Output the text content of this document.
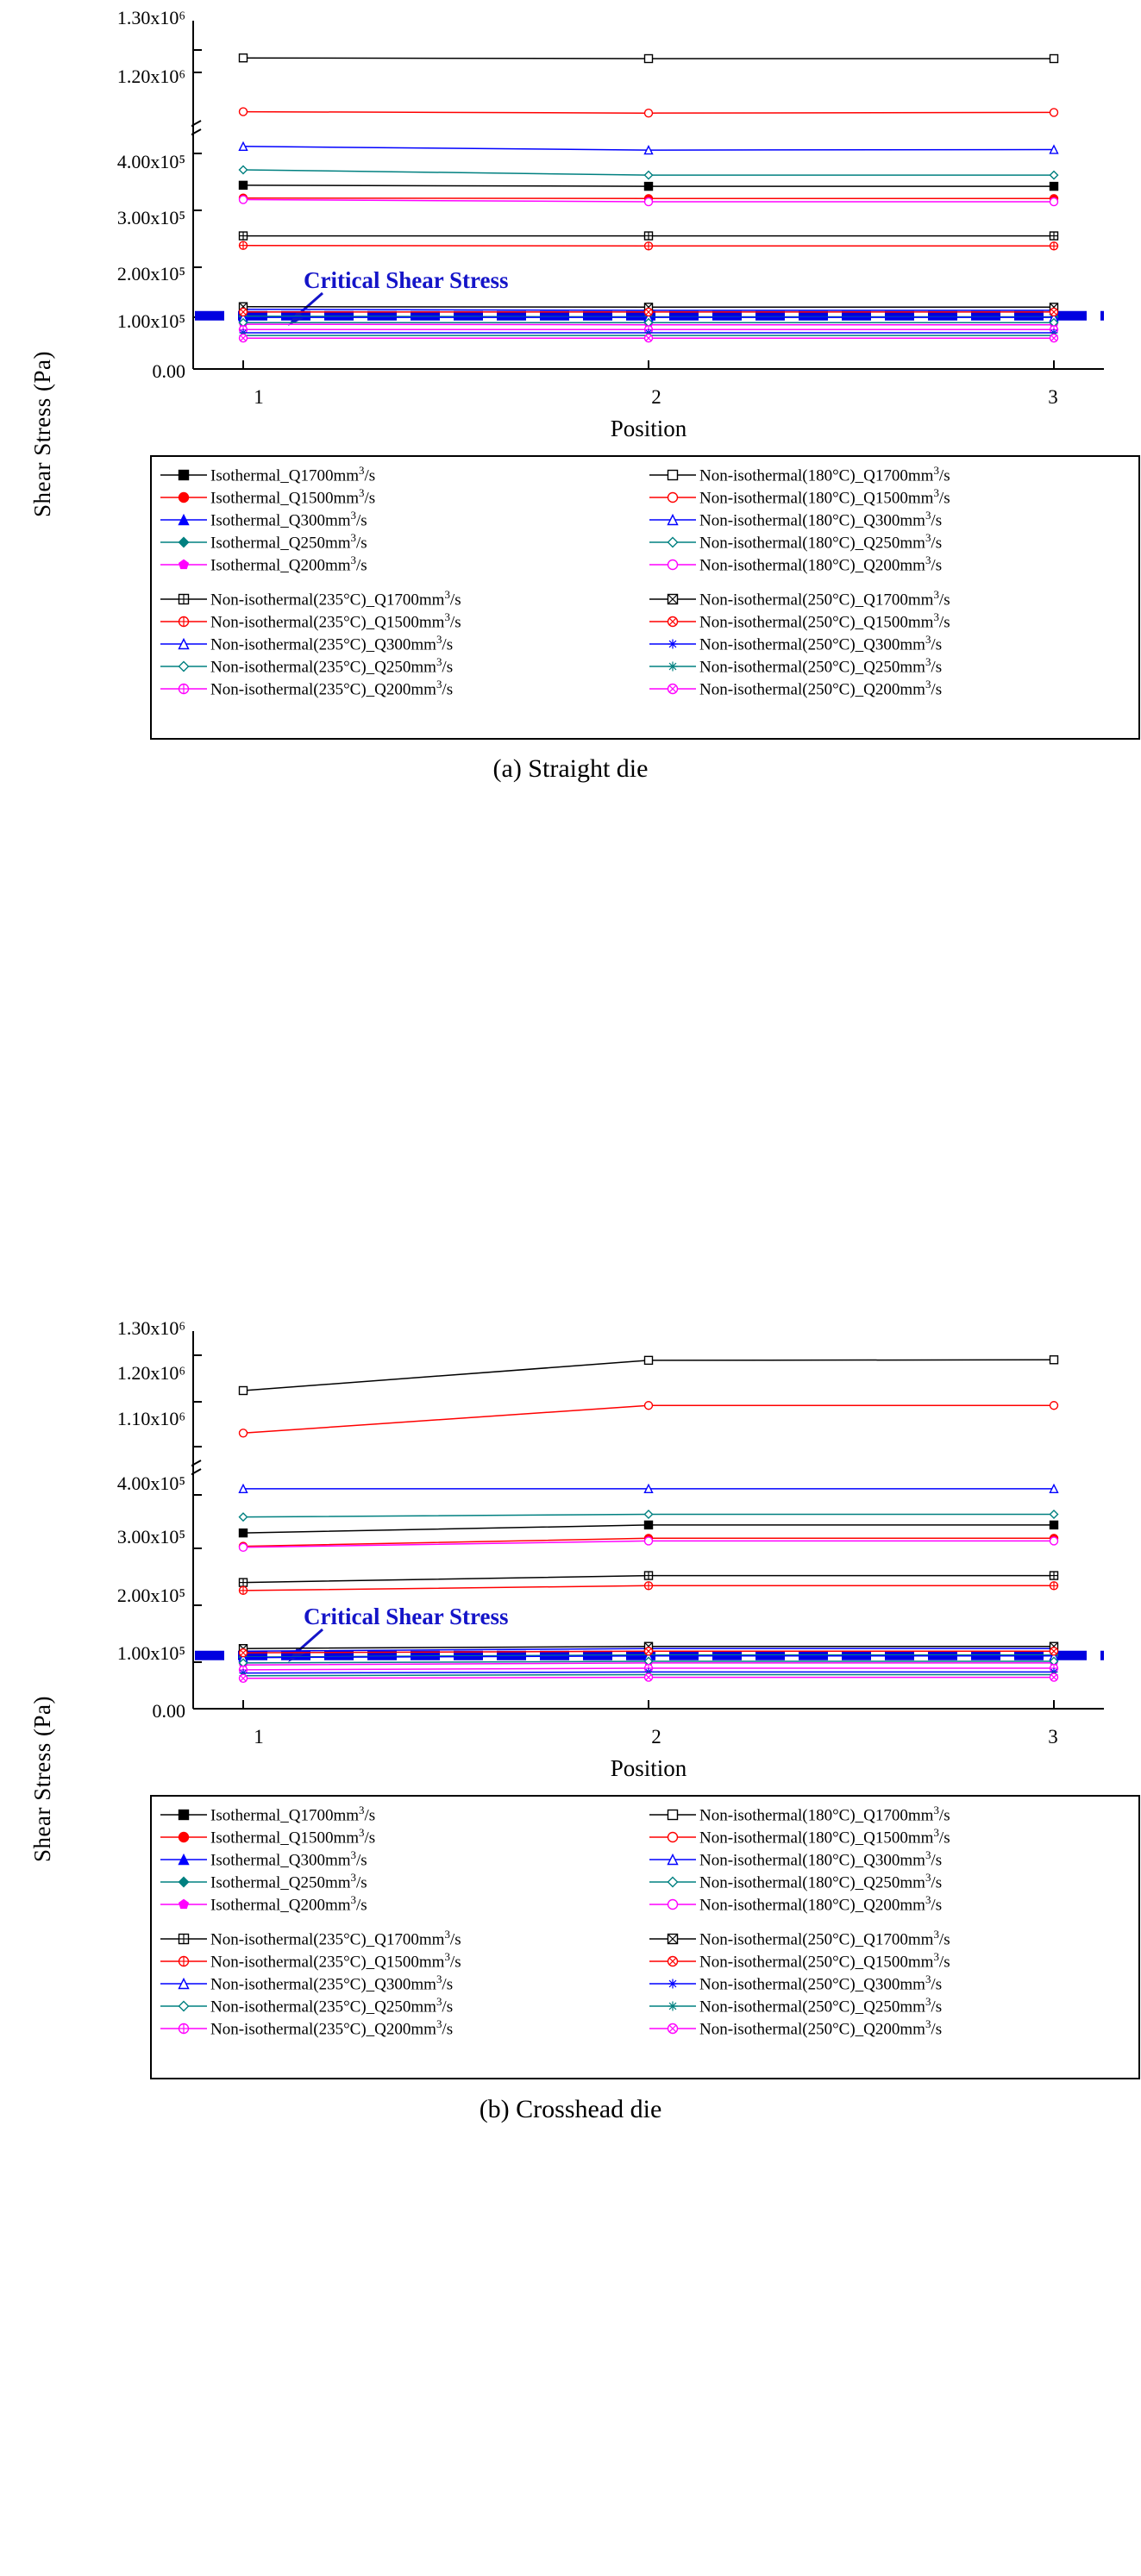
Shear Stress (Pa)
1.30x10⁶
1.20x10⁶
4.00x10⁵
3.00x10⁵
2.00x10⁵
1.00x10⁵
0.00
1	2	3
Position
Critical Shear Stress
$Isothermal\_Q1700mm^3/s$	Non-$isothermal(180^\circ C)\_Q1700mm^3/s$
$Isothermal\_Q1500mm^3/s$	Non-$isothermal(180^\circ C)\_Q1500mm^3/s$
$Isothermal\_Q300mm^3/s$	Non-$isothermal(180^\circ C)\_Q300mm^3/s$
$Isothermal\_Q250mm^3/s$	Non-$isothermal(180^\circ C)\_Q250mm^3/s$
$Isothermal\_Q200mm^3/s$	Non-$isothermal(180^\circ C)\_Q200mm^3/s$
Non-$isothermal(235^\circ C)\_Q1700mm^3/s$	Non-$isothermal(250^\circ C)\_Q1700mm^3/s$
Non-$isothermal(235^\circ C)\_Q1500mm^3/s$	Non-$isothermal(250^\circ C)\_Q1500mm^3/s$
Non-$isothermal(235^\circ C)\_Q300mm^3/s$	Non-$isothermal(250^\circ C)\_Q300mm^3/s$
Non-$isothermal(235^\circ C)\_Q250mm^3/s$	Non-$isothermal(250^\circ C)\_Q250mm^3/s$
Non-$isothermal(235^\circ C)\_Q200mm^3/s$	Non-$isothermal(250^\circ C)\_Q200mm^3/s$
(a) Straight die
Shear Stress (Pa)
1.30x10⁶
1.20x10⁶
1.10x10⁶
4.00x10⁵
3.00x10⁵
2.00x10⁵
1.00x10⁵
0.00
1	2	3
Position
Critical Shear Stress
$Isothermal\_Q1700mm^3/s$	Non-$isothermal(180^\circ C)\_Q1700mm^3/s$
$Isothermal\_Q1500mm^3/s$	Non-$isothermal(180^\circ C)\_Q1500mm^3/s$
$Isothermal\_Q300mm^3/s$	Non-$isothermal(180^\circ C)\_Q300mm^3/s$
$Isothermal\_Q250mm^3/s$	Non-$isothermal(180^\circ C)\_Q250mm^3/s$
$Isothermal\_Q200mm^3/s$	Non-$isothermal(180^\circ C)\_Q200mm^3/s$
Non-$isothermal(235^\circ C)\_Q1700mm^3/s$	Non-$isothermal(250^\circ C)\_Q1700mm^3/s$
Non-$isothermal(235^\circ C)\_Q1500mm^3/s$	Non-$isothermal(250^\circ C)\_Q1500mm^3/s$
Non-$isothermal(235^\circ C)\_Q300mm^3/s$	Non-$isothermal(250^\circ C)\_Q300mm^3/s$
Non-$isothermal(235^\circ C)\_Q250mm^3/s$	Non-$isothermal(250^\circ C)\_Q250mm^3/s$
Non-$isothermal(235^\circ C)\_Q200mm^3/s$	Non-$isothermal(250^\circ C)\_Q200mm^3/s$
(b) Crosshead die
